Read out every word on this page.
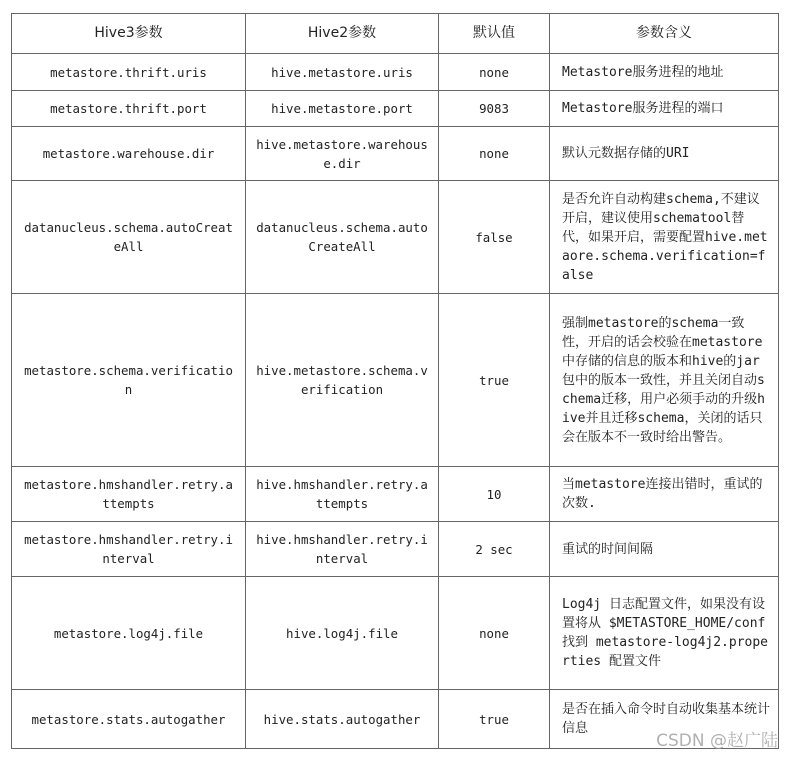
Hive3参数	Hive2参数	默认值	参数含义
metastore.thrift.uris	hive.metastore.uris	none	Metastore服务进程的地址
metastore.thrift.port	hive.metastore.port	9083	Metastore服务进程的端口
metastore.warehouse.dir	hive.metastore.warehouse.dir	none	默认元数据存储的URI
datanucleus.schema.autoCreateAll	datanucleus.schema.autoCreateAll	false	是否允许自动构建schema,不建议开启，建议使用schematool替代，如果开启，需要配置hive.metaore.schema.verification=false
metastore.schema.verification	hive.metastore.schema.verification	true	强制metastore的schema一致性，开启的话会校验在metastore中存储的信息的版本和hive的jar包中的版本一致性，并且关闭自动schema迁移，用户必须手动的升级hive并且迁移schema，关闭的话只会在版本不一致时给出警告。
metastore.hmshandler.retry.attempts	hive.hmshandler.retry.attempts	10	当metastore连接出错时，重试的次数.
metastore.hmshandler.retry.interval	hive.hmshandler.retry.interval	2 sec	重试的时间间隔
metastore.log4j.file	hive.log4j.file	none	Log4j 日志配置文件，如果没有设置将从 $METASTORE_HOME/conf 找到 metastore-log4j2.properties 配置文件
metastore.stats.autogather	hive.stats.autogather	true	是否在插入命令时自动收集基本统计信息
CSDN @赵广陆
